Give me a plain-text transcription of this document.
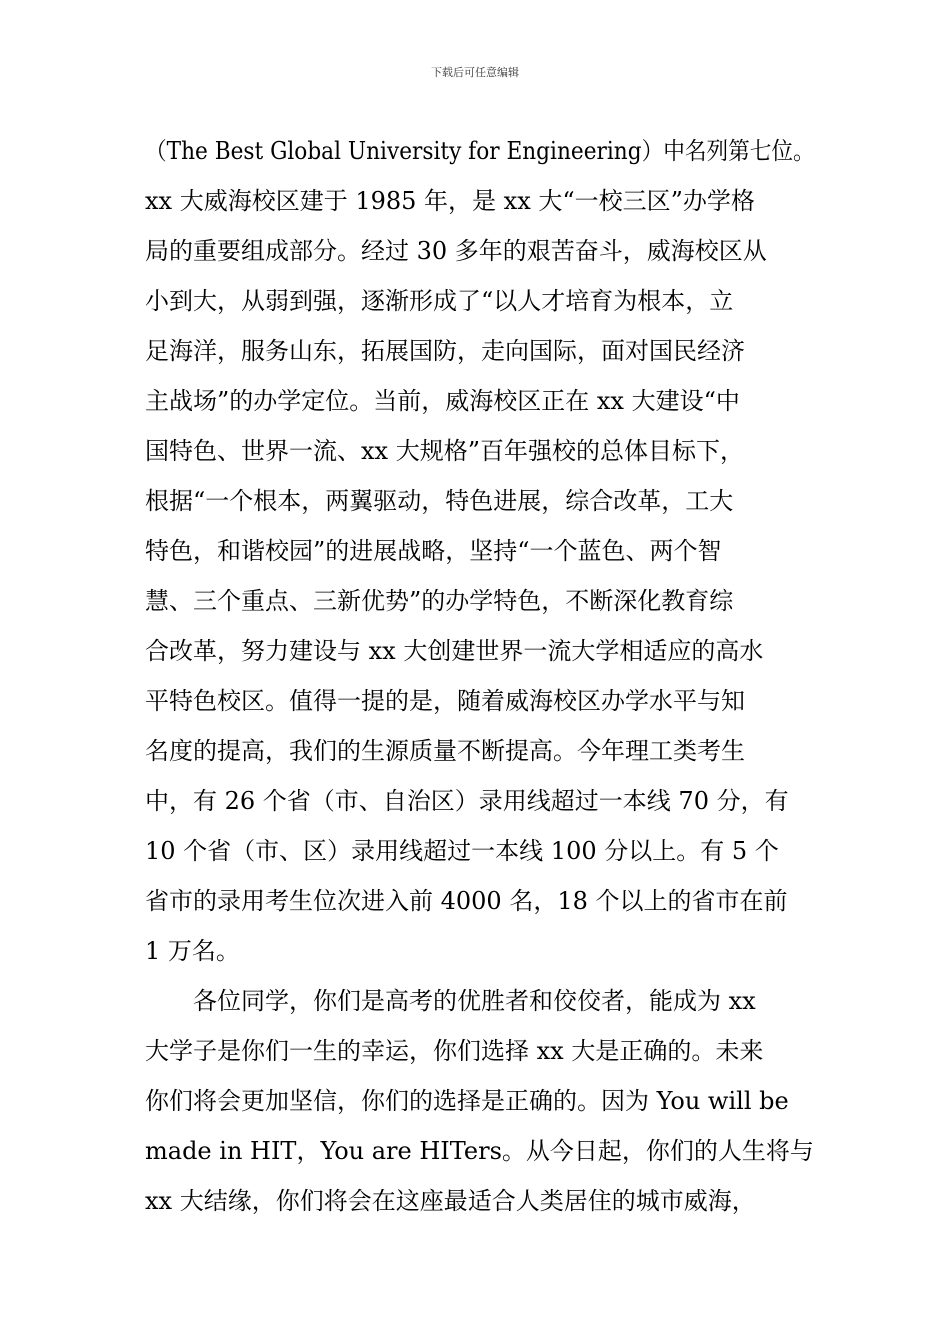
下载后可任意编辑
（The Best Global University for Engineering）中名列第七位。
xx 大威海校区建于 1985 年，是 xx 大“一校三区”办学格
局的重要组成部分。经过 30 多年的艰苦奋斗，威海校区从
小到大，从弱到强，逐渐形成了“以人才培育为根本，立
足海洋，服务山东，拓展国防，走向国际，面对国民经济
主战场”的办学定位。当前，威海校区正在 xx 大建设“中
国特色、世界一流、xx 大规格”百年强校的总体目标下，
根据“一个根本，两翼驱动，特色进展，综合改革，工大
特色，和谐校园”的进展战略，坚持“一个蓝色、两个智
慧、三个重点、三新优势”的办学特色，不断深化教育综
合改革，努力建设与 xx 大创建世界一流大学相适应的高水
平特色校区。值得一提的是，随着威海校区办学水平与知
名度的提高，我们的生源质量不断提高。今年理工类考生
中，有 26 个省（市、自治区）录用线超过一本线 70 分，有
10 个省（市、区）录用线超过一本线 100 分以上。有 5 个
省市的录用考生位次进入前 4000 名，18 个以上的省市在前
1 万名。
　　各位同学，你们是高考的优胜者和佼佼者，能成为 xx
大学子是你们一生的幸运，你们选择 xx 大是正确的。未来
你们将会更加坚信，你们的选择是正确的。因为 You will be
made in HIT，You are HITers。从今日起，你们的人生将与
xx 大结缘，你们将会在这座最适合人类居住的城市威海，
